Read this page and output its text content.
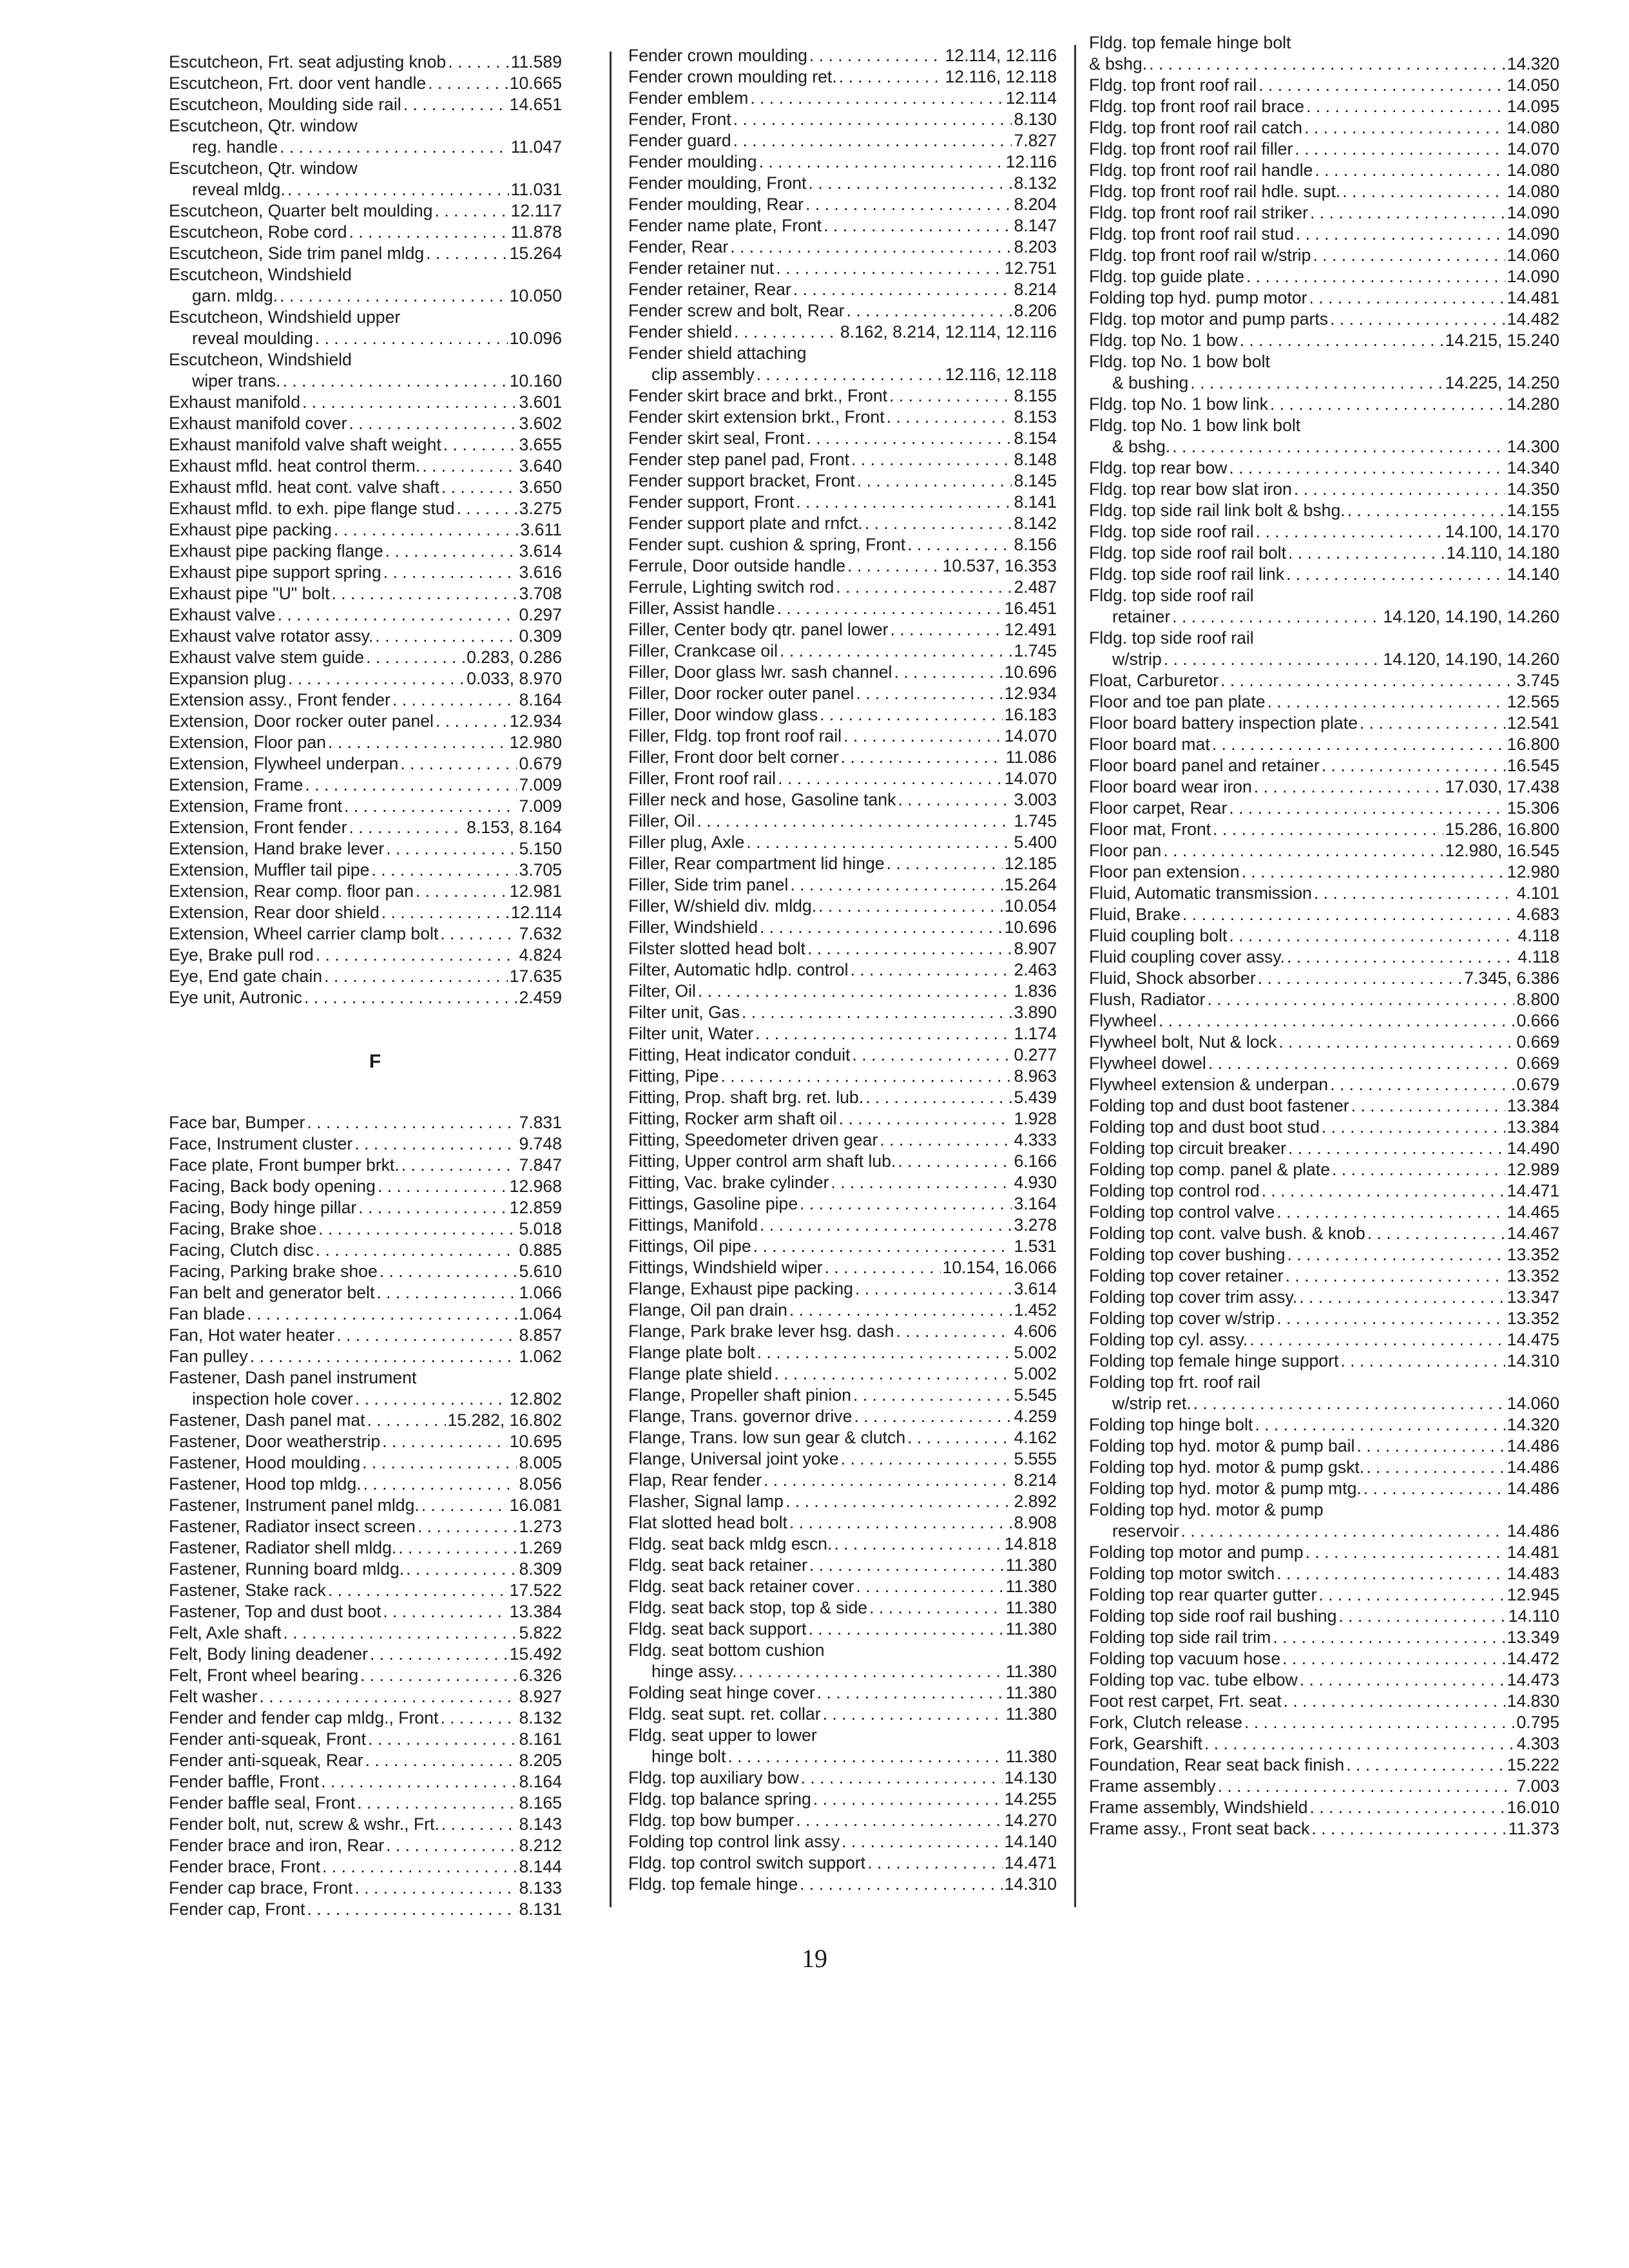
Escutcheon, Frt. seat adjusting knob . . .	11.589
Escutcheon, Frt. door vent handle . . .	10.665
Escutcheon, Moulding side rail . . .	14.651
Escutcheon, Qtr. window
reg. handle . . .	11.047
Escutcheon, Qtr. window
reveal mldg. . . .	11.031
Escutcheon, Quarter belt moulding . . .	12.117
Escutcheon, Robe cord . . .	11.878
Escutcheon, Side trim panel mldg . . .	15.264
Escutcheon, Windshield
garn. mldg. . . .	10.050
Escutcheon, Windshield upper
reveal moulding . . .	10.096
Escutcheon, Windshield
wiper trans. . . .	10.160
Exhaust manifold . . .	3.601
Exhaust manifold cover . . .	3.602
Exhaust manifold valve shaft weight . . .	3.655
Exhaust mfld. heat control therm. . . .	3.640
Exhaust mfld. heat cont. valve shaft . . .	3.650
Exhaust mfld. to exh. pipe flange stud . . .	3.275
Exhaust pipe packing . . .	3.611
Exhaust pipe packing flange . . .	3.614
Exhaust pipe support spring . . .	3.616
Exhaust pipe "U" bolt . . .	3.708
Exhaust valve . . .	0.297
Exhaust valve rotator assy. . . .	0.309
Exhaust valve stem guide . . .	0.283, 0.286
Expansion plug . . .	0.033, 8.970
Extension assy., Front fender . . .	8.164
Extension, Door rocker outer panel . . .	12.934
Extension, Floor pan . . .	12.980
Extension, Flywheel underpan . . .	0.679
Extension, Frame . . .	7.009
Extension, Frame front . . .	7.009
Extension, Front fender . . .	8.153, 8.164
Extension, Hand brake lever . . .	5.150
Extension, Muffler tail pipe . . .	3.705
Extension, Rear comp. floor pan . . .	12.981
Extension, Rear door shield . . .	12.114
Extension, Wheel carrier clamp bolt . . .	7.632
Eye, Brake pull rod . . .	4.824
Eye, End gate chain . . .	17.635
Eye unit, Autronic . . .	2.459
F
Face bar, Bumper . . .	7.831
Face, Instrument cluster . . .	9.748
Face plate, Front bumper brkt. . . .	7.847
Facing, Back body opening . . .	12.968
Facing, Body hinge pillar . . .	12.859
Facing, Brake shoe . . .	5.018
Facing, Clutch disc . . .	0.885
Facing, Parking brake shoe . . .	5.610
Fan belt and generator belt . . .	1.066
Fan blade . . .	1.064
Fan, Hot water heater . . .	8.857
Fan pulley . . .	1.062
Fastener, Dash panel instrument
inspection hole cover . . .	12.802
Fastener, Dash panel mat . . .	15.282, 16.802
Fastener, Door weatherstrip . . .	10.695
Fastener, Hood moulding . . .	8.005
Fastener, Hood top mldg. . . .	8.056
Fastener, Instrument panel mldg. . . .	16.081
Fastener, Radiator insect screen . . .	1.273
Fastener, Radiator shell mldg. . . .	1.269
Fastener, Running board mldg. . . .	8.309
Fastener, Stake rack . . .	17.522
Fastener, Top and dust boot . . .	13.384
Felt, Axle shaft . . .	5.822
Felt, Body lining deadener . . .	15.492
Felt, Front wheel bearing . . .	6.326
Felt washer . . .	8.927
Fender and fender cap mldg., Front . . .	8.132
Fender anti-squeak, Front . . .	8.161
Fender anti-squeak, Rear . . .	8.205
Fender baffle, Front . . .	8.164
Fender baffle seal, Front . . .	8.165
Fender bolt, nut, screw & wshr., Frt. . . .	8.143
Fender brace and iron, Rear . . .	8.212
Fender brace, Front . . .	8.144
Fender cap brace, Front . . .	8.133
Fender cap, Front . . .	8.131
Fender crown moulding . . .	12.114, 12.116
Fender crown moulding ret. . . .	12.116, 12.118
Fender emblem . . .	12.114
Fender, Front . . .	8.130
Fender guard . . .	7.827
Fender moulding . . .	12.116
Fender moulding, Front . . .	8.132
Fender moulding, Rear . . .	8.204
Fender name plate, Front . . .	8.147
Fender, Rear . . .	8.203
Fender retainer nut . . .	12.751
Fender retainer, Rear . . .	8.214
Fender screw and bolt, Rear . . .	8.206
Fender shield . . .	8.162, 8.214, 12.114, 12.116
Fender shield attaching
clip assembly . . .	12.116, 12.118
Fender skirt brace and brkt., Front . . .	8.155
Fender skirt extension brkt., Front . . .	8.153
Fender skirt seal, Front . . .	8.154
Fender step panel pad, Front . . .	8.148
Fender support bracket, Front . . .	8.145
Fender support, Front . . .	8.141
Fender support plate and rnfct. . . .	8.142
Fender supt. cushion & spring, Front . . .	8.156
Ferrule, Door outside handle . . .	10.537, 16.353
Ferrule, Lighting switch rod . . .	2.487
Filler, Assist handle . . .	16.451
Filler, Center body qtr. panel lower . . .	12.491
Filler, Crankcase oil . . .	1.745
Filler, Door glass lwr. sash channel . . .	10.696
Filler, Door rocker outer panel . . .	12.934
Filler, Door window glass . . .	16.183
Filler, Fldg. top front roof rail . . .	14.070
Filler, Front door belt corner . . .	11.086
Filler, Front roof rail . . .	14.070
Filler neck and hose, Gasoline tank . . .	3.003
Filler, Oil . . .	1.745
Filler plug, Axle . . .	5.400
Filler, Rear compartment lid hinge . . .	12.185
Filler, Side trim panel . . .	15.264
Filler, W/shield div. mldg. . . .	10.054
Filler, Windshield . . .	10.696
Filster slotted head bolt . . .	8.907
Filter, Automatic hdlp. control . . .	2.463
Filter, Oil . . .	1.836
Filter unit, Gas . . .	3.890
Filter unit, Water . . .	1.174
Fitting, Heat indicator conduit . . .	0.277
Fitting, Pipe . . .	8.963
Fitting, Prop. shaft brg. ret. lub. . . .	5.439
Fitting, Rocker arm shaft oil . . .	1.928
Fitting, Speedometer driven gear . . .	4.333
Fitting, Upper control arm shaft lub. . . .	6.166
Fitting, Vac. brake cylinder . . .	4.930
Fittings, Gasoline pipe . . .	3.164
Fittings, Manifold . . .	3.278
Fittings, Oil pipe . . .	1.531
Fittings, Windshield wiper . . .	10.154, 16.066
Flange, Exhaust pipe packing . . .	3.614
Flange, Oil pan drain . . .	1.452
Flange, Park brake lever hsg. dash . . .	4.606
Flange plate bolt . . .	5.002
Flange plate shield . . .	5.002
Flange, Propeller shaft pinion . . .	5.545
Flange, Trans. governor drive . . .	4.259
Flange, Trans. low sun gear & clutch . . .	4.162
Flange, Universal joint yoke . . .	5.555
Flap, Rear fender . . .	8.214
Flasher, Signal lamp . . .	2.892
Flat slotted head bolt . . .	8.908
Fldg. seat back mldg escn. . . .	14.818
Fldg. seat back retainer . . .	11.380
Fldg. seat back retainer cover . . .	11.380
Fldg. seat back stop, top & side . . .	11.380
Fldg. seat back support . . .	11.380
Fldg. seat bottom cushion
hinge assy. . . .	11.380
Folding seat hinge cover . . .	11.380
Fldg. seat supt. ret. collar . . .	11.380
Fldg. seat upper to lower
hinge bolt . . .	11.380
Fldg. top auxiliary bow . . .	14.130
Fldg. top balance spring . . .	14.255
Fldg. top bow bumper . . .	14.270
Folding top control link assy . . .	14.140
Fldg. top control switch support . . .	14.471
Fldg. top female hinge . . .	14.310
Fldg. top female hinge bolt
& bshg. . . .	14.320
Fldg. top front roof rail . . .	14.050
Fldg. top front roof rail brace . . .	14.095
Fldg. top front roof rail catch . . .	14.080
Fldg. top front roof rail filler . . .	14.070
Fldg. top front roof rail handle . . .	14.080
Fldg. top front roof rail hdle. supt. . . .	14.080
Fldg. top front roof rail striker . . .	14.090
Fldg. top front roof rail stud . . .	14.090
Fldg. top front roof rail w/strip . . .	14.060
Fldg. top guide plate . . .	14.090
Folding top hyd. pump motor . . .	14.481
Fldg. top motor and pump parts . . .	14.482
Fldg. top No. 1 bow . . .	14.215, 15.240
Fldg. top No. 1 bow bolt
& bushing . . .	14.225, 14.250
Fldg. top No. 1 bow link . . .	14.280
Fldg. top No. 1 bow link bolt
& bshg. . . .	14.300
Fldg. top rear bow . . .	14.340
Fldg. top rear bow slat iron . . .	14.350
Fldg. top side rail link bolt & bshg. . . .	14.155
Fldg. top side roof rail . . .	14.100, 14.170
Fldg. top side roof rail bolt . . .	14.110, 14.180
Fldg. top side roof rail link . . .	14.140
Fldg. top side roof rail
retainer . . .	14.120, 14.190, 14.260
Fldg. top side roof rail
w/strip . . .	14.120, 14.190, 14.260
Float, Carburetor . . .	3.745
Floor and toe pan plate . . .	12.565
Floor board battery inspection plate . . .	12.541
Floor board mat . . .	16.800
Floor board panel and retainer . . .	16.545
Floor board wear iron . . .	17.030, 17.438
Floor carpet, Rear . . .	15.306
Floor mat, Front . . .	15.286, 16.800
Floor pan . . .	12.980, 16.545
Floor pan extension . . .	12.980
Fluid, Automatic transmission . . .	4.101
Fluid, Brake . . .	4.683
Fluid coupling bolt . . .	4.118
Fluid coupling cover assy. . . .	4.118
Fluid, Shock absorber . . .	7.345, 6.386
Flush, Radiator . . .	8.800
Flywheel . . .	0.666
Flywheel bolt, Nut & lock . . .	0.669
Flywheel dowel . . .	0.669
Flywheel extension & underpan . . .	0.679
Folding top and dust boot fastener . . .	13.384
Folding top and dust boot stud . . .	13.384
Folding top circuit breaker . . .	14.490
Folding top comp. panel & plate . . .	12.989
Folding top control rod . . .	14.471
Folding top control valve . . .	14.465
Folding top cont. valve bush. & knob . . .	14.467
Folding top cover bushing . . .	13.352
Folding top cover retainer . . .	13.352
Folding top cover trim assy. . . .	13.347
Folding top cover w/strip . . .	13.352
Folding top cyl. assy. . . .	14.475
Folding top female hinge support . . .	14.310
Folding top frt. roof rail
w/strip ret. . . .	14.060
Folding top hinge bolt . . .	14.320
Folding top hyd. motor & pump bail . . .	14.486
Folding top hyd. motor & pump gskt. . . .	14.486
Folding top hyd. motor & pump mtg. . . .	14.486
Folding top hyd. motor & pump
reservoir . . .	14.486
Folding top motor and pump . . .	14.481
Folding top motor switch . . .	14.483
Folding top rear quarter gutter . . .	12.945
Folding top side roof rail bushing . . .	14.110
Folding top side rail trim . . .	13.349
Folding top vacuum hose . . .	14.472
Folding top vac. tube elbow . . .	14.473
Foot rest carpet, Frt. seat . . .	14.830
Fork, Clutch release . . .	0.795
Fork, Gearshift . . .	4.303
Foundation, Rear seat back finish . . .	15.222
Frame assembly . . .	7.003
Frame assembly, Windshield . . .	16.010
Frame assy., Front seat back . . .	11.373
19
